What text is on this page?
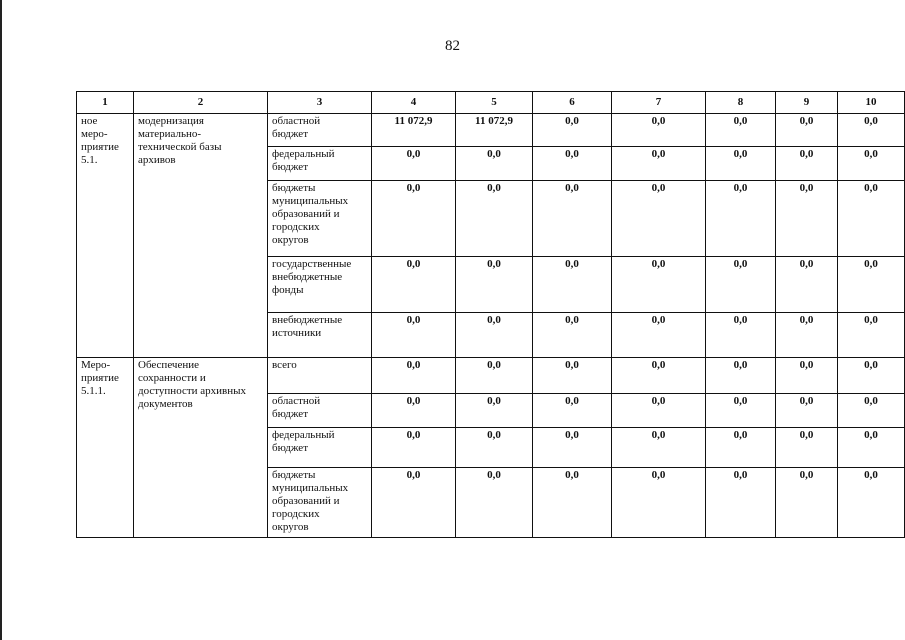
82
1	2	3	4	5	6	7	8	9	10
ное
меро-
приятие
5.1.	модернизация
материально-
технической базы
архивов	областной
бюджет	11 072,9	11 072,9	0,0	0,0	0,0	0,0	0,0
		федеральный
бюджет	0,0	0,0	0,0	0,0	0,0	0,0	0,0
		бюджеты
муниципальных
образований и
городских
округов	0,0	0,0	0,0	0,0	0,0	0,0	0,0
		государственные
внебюджетные
фонды	0,0	0,0	0,0	0,0	0,0	0,0	0,0
		внебюджетные
источники	0,0	0,0	0,0	0,0	0,0	0,0	0,0
Меро-
приятие
5.1.1.	Обеспечение
сохранности и
доступности архивных
документов	всего	0,0	0,0	0,0	0,0	0,0	0,0	0,0
		областной
бюджет	0,0	0,0	0,0	0,0	0,0	0,0	0,0
		федеральный
бюджет	0,0	0,0	0,0	0,0	0,0	0,0	0,0
		бюджеты
муниципальных
образований и
городских
округов	0,0	0,0	0,0	0,0	0,0	0,0	0,0
